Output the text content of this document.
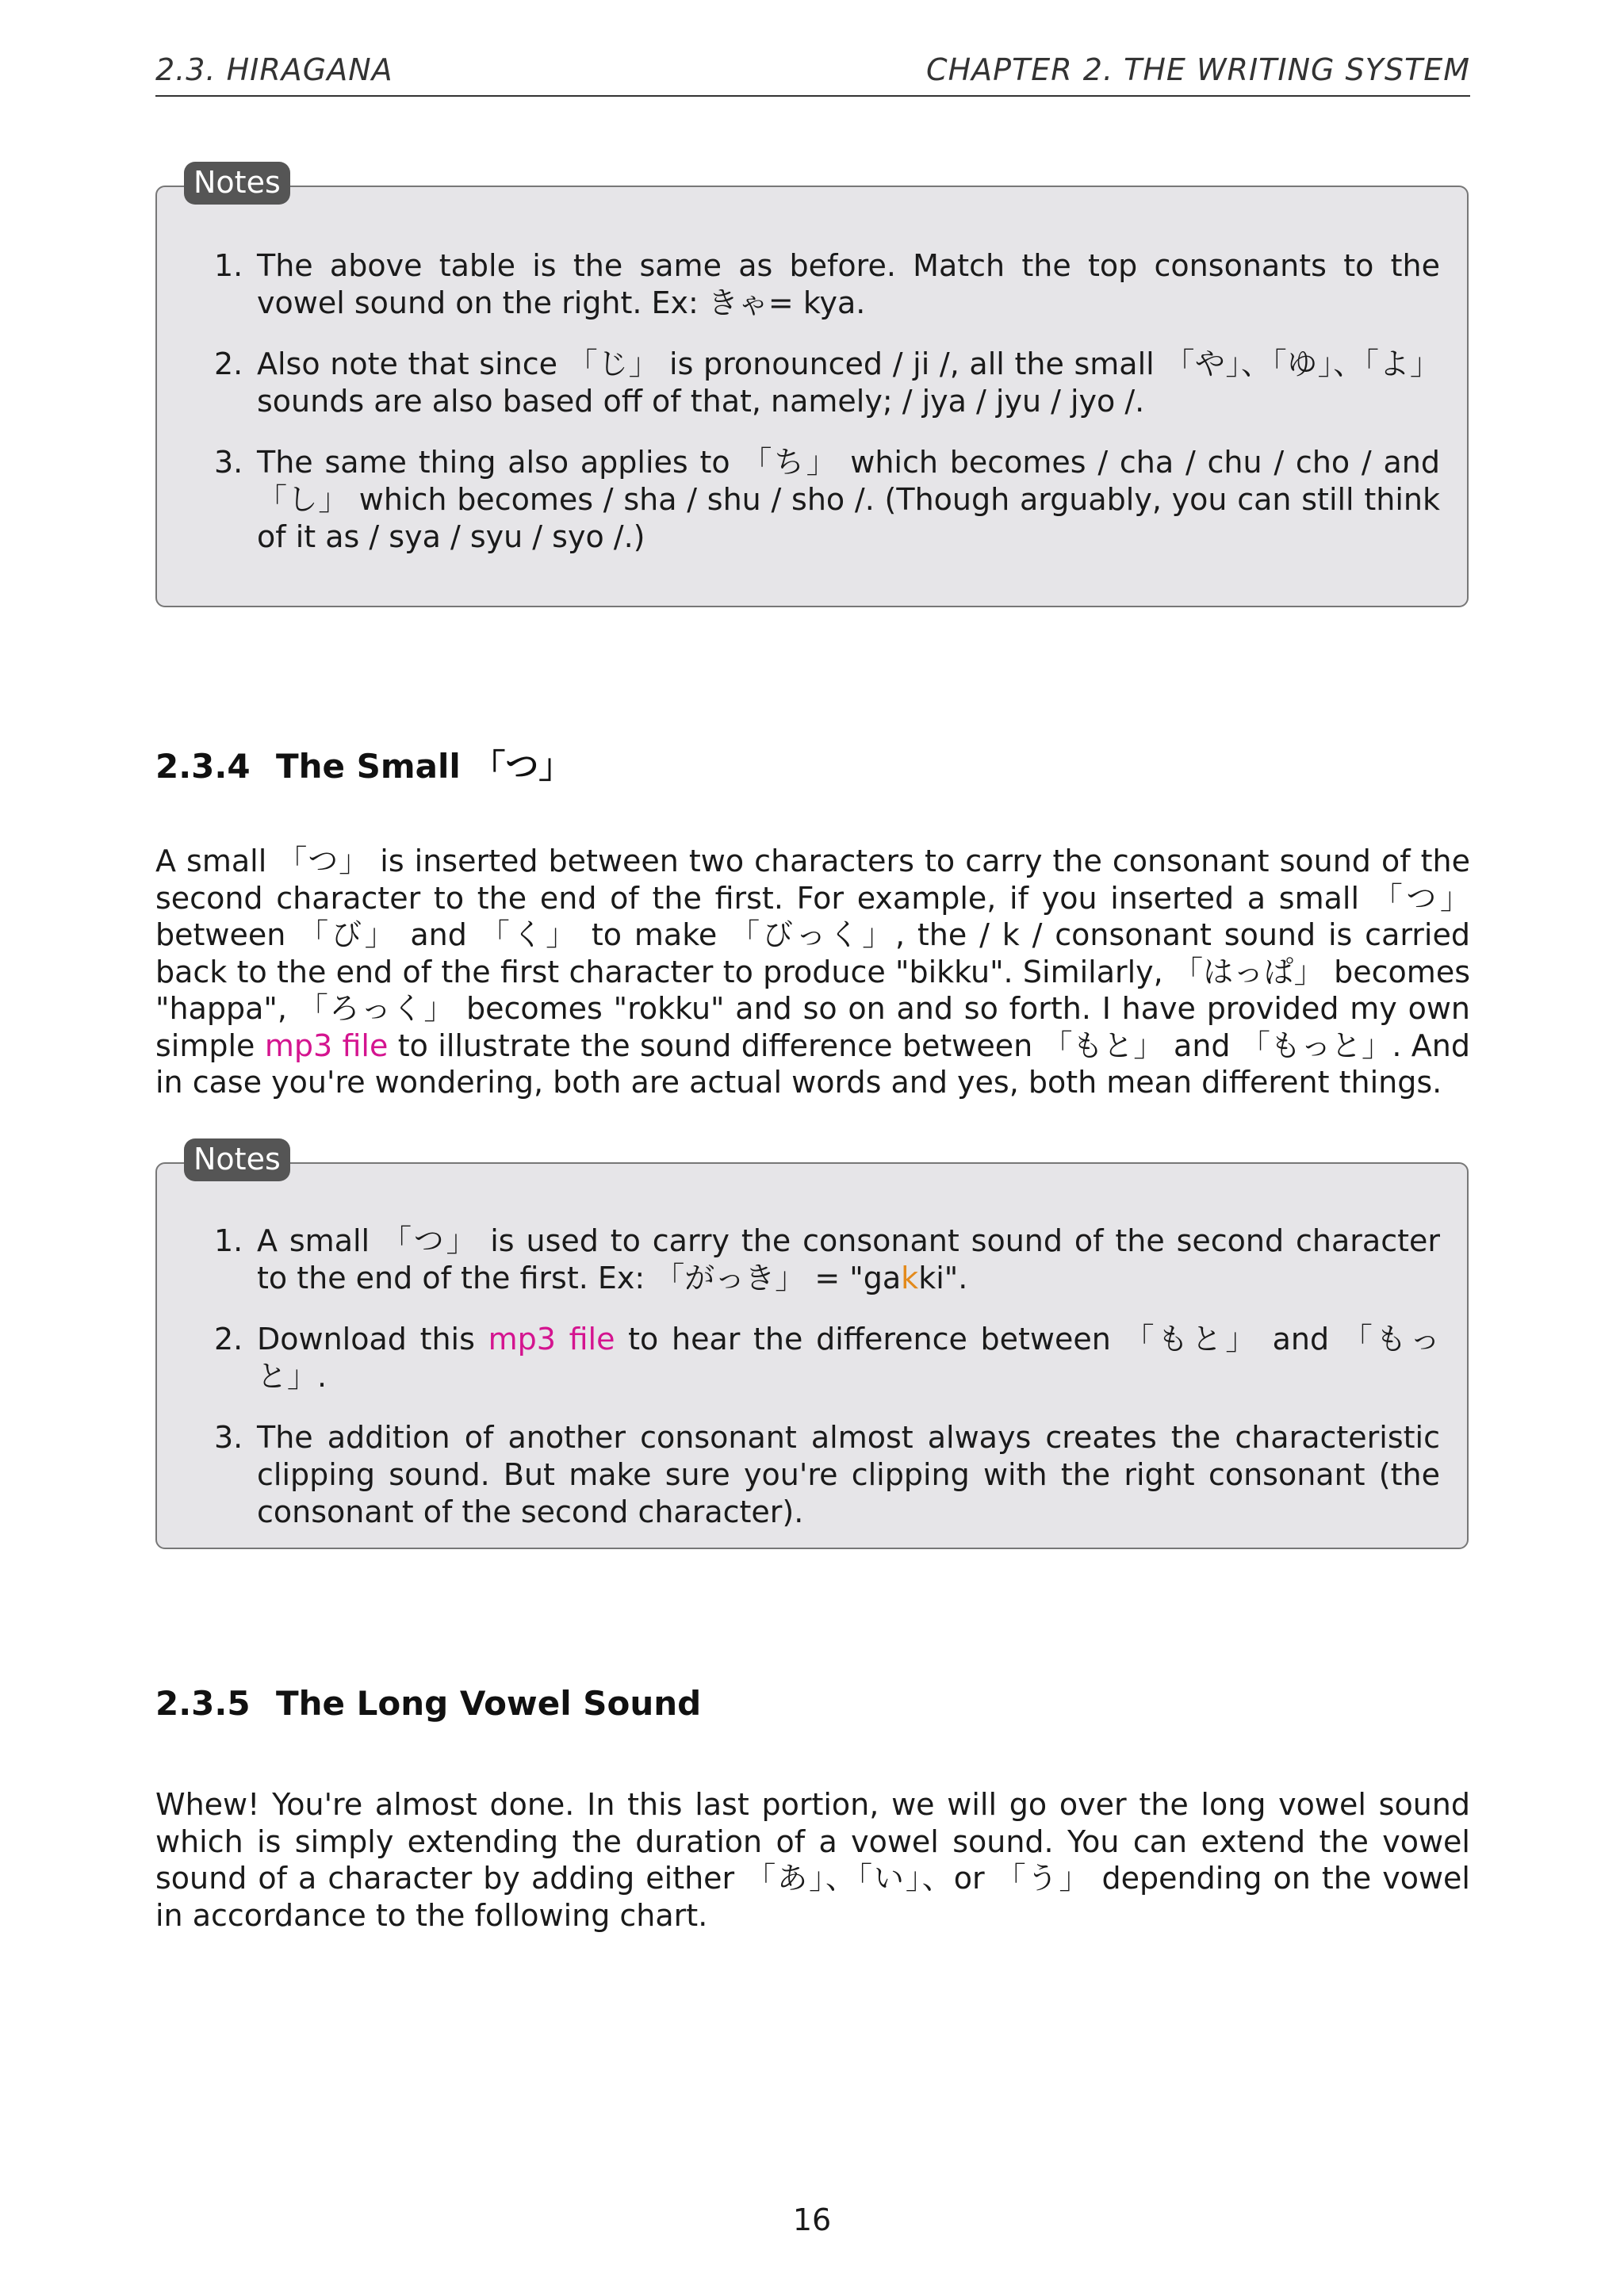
2.3. HIRAGANA	CHAPTER 2. THE WRITING SYSTEM
Notes
1. The above table is the same as before. Match the top consonants to the vowel sound on the right. Ex: きゃ= kya.
2. Also note that since 「じ」 is pronounced / ji /, all the small 「や」、「ゆ」、「よ」 sounds are also based off of that, namely; / jya / jyu / jyo /.
3. The same thing also applies to 「ち」 which becomes / cha / chu / cho / and 「し」 which becomes / sha / shu / sho /. (Though arguably, you can still think of it as / sya / syu / syo /.)
2.3.4 The Small 「つ」
A small 「つ」 is inserted between two characters to carry the consonant sound of the second character to the end of the first. For example, if you inserted a small 「つ」 between 「び」 and 「く」 to make 「びっく」, the / k / consonant sound is carried back to the end of the first character to produce "bikku". Similarly, 「はっぱ」 becomes "happa", 「ろっく」 becomes "rokku" and so on and so forth. I have provided my own simple mp3 file to illustrate the sound difference between 「もと」 and 「もっと」. And in case you're wondering, both are actual words and yes, both mean different things.
Notes
1. A small 「つ」 is used to carry the consonant sound of the second character to the end of the first. Ex: 「がっき」 = "gakki".
2. Download this mp3 file to hear the difference between 「もと」 and 「もっと」.
3. The addition of another consonant almost always creates the characteristic clipping sound. But make sure you're clipping with the right consonant (the consonant of the second character).
2.3.5 The Long Vowel Sound
Whew! You're almost done. In this last portion, we will go over the long vowel sound which is simply extending the duration of a vowel sound. You can extend the vowel sound of a character by adding either 「あ」、「い」、or 「う」 depending on the vowel in accordance to the following chart.
16
